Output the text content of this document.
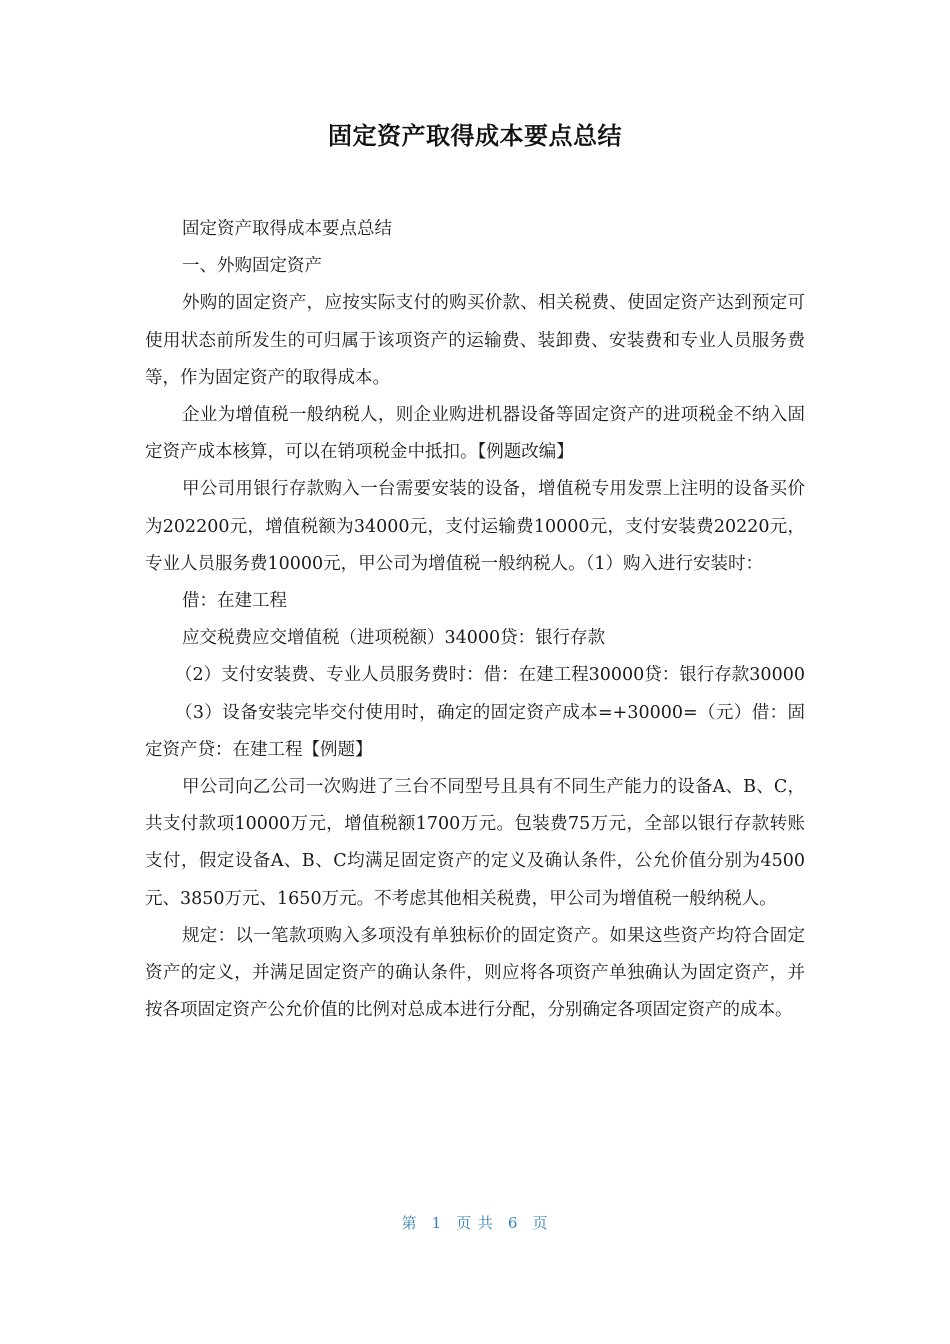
固定资产取得成本要点总结

固定资产取得成本要点总结

一、外购固定资产

外购的固定资产，应按实际支付的购买价款、相关税费、使固定资产达到预定可使用状态前所发生的可归属于该项资产的运输费、装卸费、安装费和专业人员服务费等，作为固定资产的取得成本。

企业为增值税一般纳税人，则企业购进机器设备等固定资产的进项税金不纳入固定资产成本核算，可以在销项税金中抵扣。【例题改编】

甲公司用银行存款购入一台需要安装的设备，增值税专用发票上注明的设备买价为202200元，增值税额为34000元，支付运输费10000元，支付安装费20220元，专业人员服务费10000元，甲公司为增值税一般纳税人。（1）购入进行安装时：

借：在建工程

应交税费应交增值税（进项税额）34000贷：银行存款

（2）支付安装费、专业人员服务费时：借：在建工程30000贷：银行存款30000

（3）设备安装完毕交付使用时，确定的固定资产成本=+30000=（元）借：固定资产贷：在建工程【例题】

甲公司向乙公司一次购进了三台不同型号且具有不同生产能力的设备A、B、C，共支付款项10000万元，增值税额1700万元。包装费75万元，全部以银行存款转账支付，假定设备A、B、C均满足固定资产的定义及确认条件，公允价值分别为4500元、3850万元、1650万元。不考虑其他相关税费，甲公司为增值税一般纳税人。

规定：以一笔款项购入多项没有单独标价的固定资产。如果这些资产均符合固定资产的定义，并满足固定资产的确认条件，则应将各项资产单独确认为固定资产，并按各项固定资产公允价值的比例对总成本进行分配，分别确定各项固定资产的成本。

第 1 页 共 6 页
